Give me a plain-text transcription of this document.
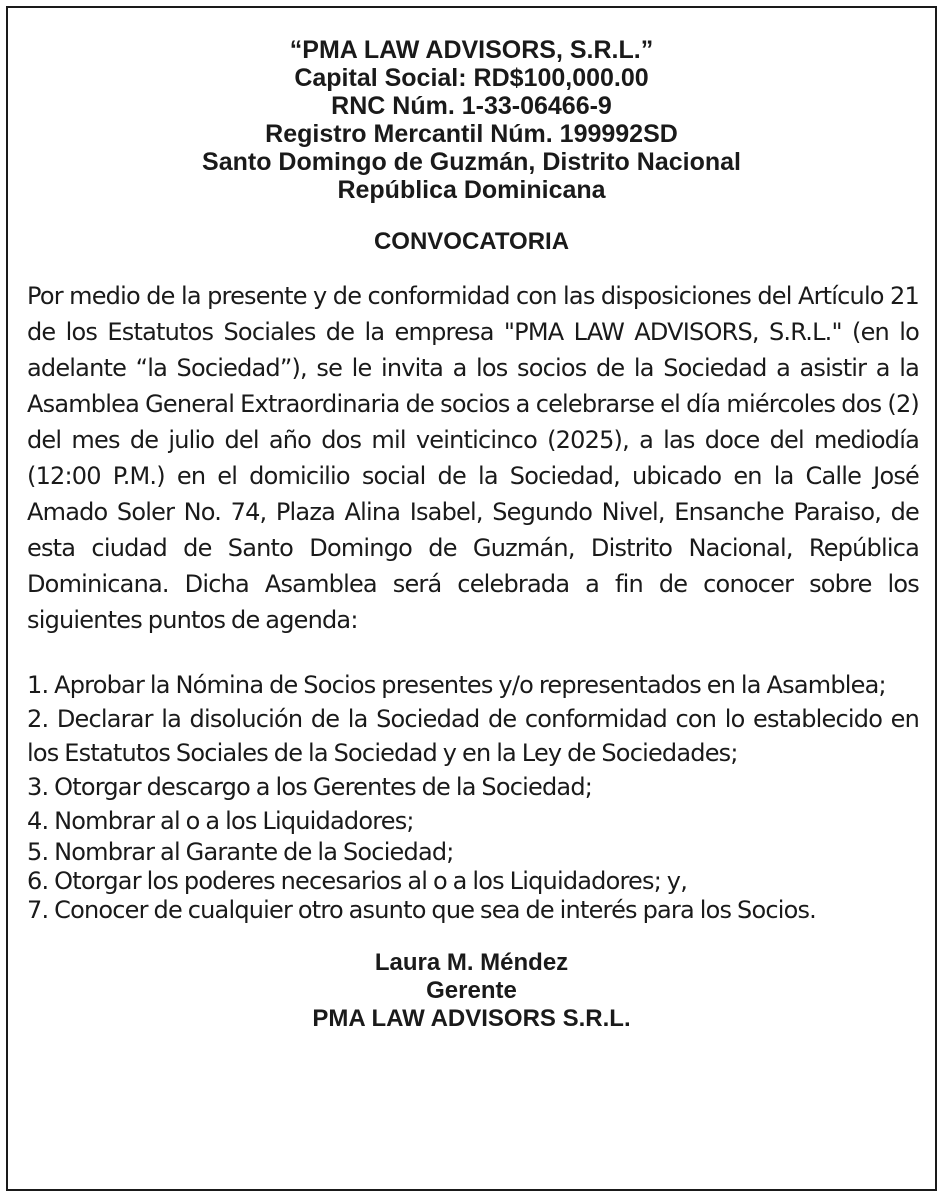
“PMA LAW ADVISORS, S.R.L.”
Capital Social: RD$100,000.00
RNC Núm. 1-33-06466-9
Registro Mercantil Núm. 199992SD
Santo Domingo de Guzmán, Distrito Nacional
República Dominicana
CONVOCATORIA

Por medio de la presente y de conformidad con las disposiciones del Artículo 21 de los Estatutos Sociales de la empresa "PMA LAW ADVISORS, S.R.L." (en lo adelante “la Sociedad”), se le invita a los socios de la Sociedad a asistir a la Asamblea General Extraordinaria de socios a celebrarse el día miércoles dos (2) del mes de julio del año dos mil veinticinco (2025), a las doce del mediodía (12:00 P.M.) en el domicilio social de la Sociedad, ubicado en la Calle José Amado Soler No. 74, Plaza Alina Isabel, Segundo Nivel, Ensanche Paraiso, de esta ciudad de Santo Domingo de Guzmán, Distrito Nacional, República Dominicana. Dicha Asamblea será celebrada a fin de conocer sobre los siguientes puntos de agenda:

1. Aprobar la Nómina de Socios presentes y/o representados en la Asamblea;
2. Declarar la disolución de la Sociedad de conformidad con lo establecido en los Estatutos Sociales de la Sociedad y en la Ley de Sociedades;
3. Otorgar descargo a los Gerentes de la Sociedad;
4. Nombrar al o a los Liquidadores;
5. Nombrar al Garante de la Sociedad;
6. Otorgar los poderes necesarios al o a los Liquidadores; y,
7. Conocer de cualquier otro asunto que sea de interés para los Socios.
Laura M. Méndez
Gerente
PMA LAW ADVISORS S.R.L.
